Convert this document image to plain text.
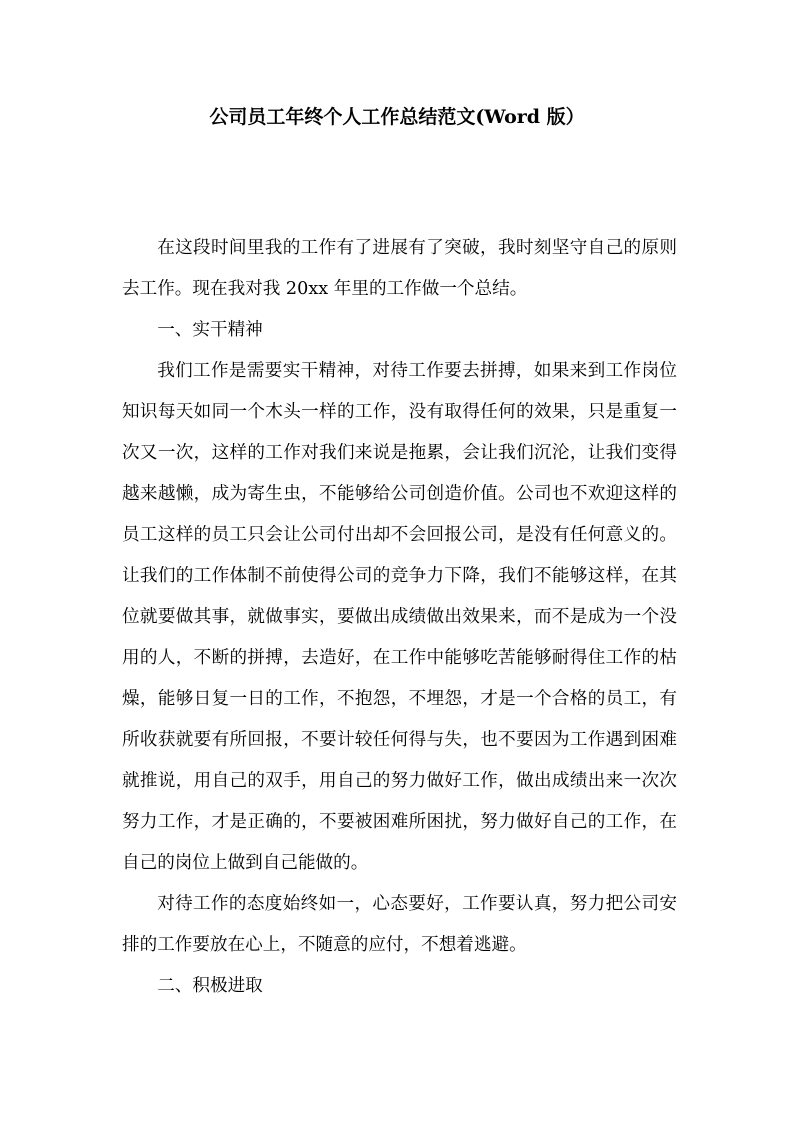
公司员工年终个人工作总结范文(Word 版）

在这段时间里我的工作有了进展有了突破，我时刻坚守自己的原则去工作。现在我对我 20xx 年里的工作做一个总结。

一、实干精神

我们工作是需要实干精神，对待工作要去拼搏，如果来到工作岗位知识每天如同一个木头一样的工作，没有取得任何的效果，只是重复一次又一次，这样的工作对我们来说是拖累，会让我们沉沦，让我们变得越来越懒，成为寄生虫，不能够给公司创造价值。公司也不欢迎这样的员工这样的员工只会让公司付出却不会回报公司，是没有任何意义的。让我们的工作体制不前使得公司的竞争力下降，我们不能够这样，在其位就要做其事，就做事实，要做出成绩做出效果来，而不是成为一个没用的人，不断的拼搏，去造好，在工作中能够吃苦能够耐得住工作的枯燥，能够日复一日的工作，不抱怨，不埋怨，才是一个合格的员工，有所收获就要有所回报，不要计较任何得与失，也不要因为工作遇到困难就推说，用自己的双手，用自己的努力做好工作，做出成绩出来一次次努力工作，才是正确的，不要被困难所困扰，努力做好自己的工作，在自己的岗位上做到自己能做的。

对待工作的态度始终如一，心态要好，工作要认真，努力把公司安排的工作要放在心上，不随意的应付，不想着逃避。

二、积极进取
